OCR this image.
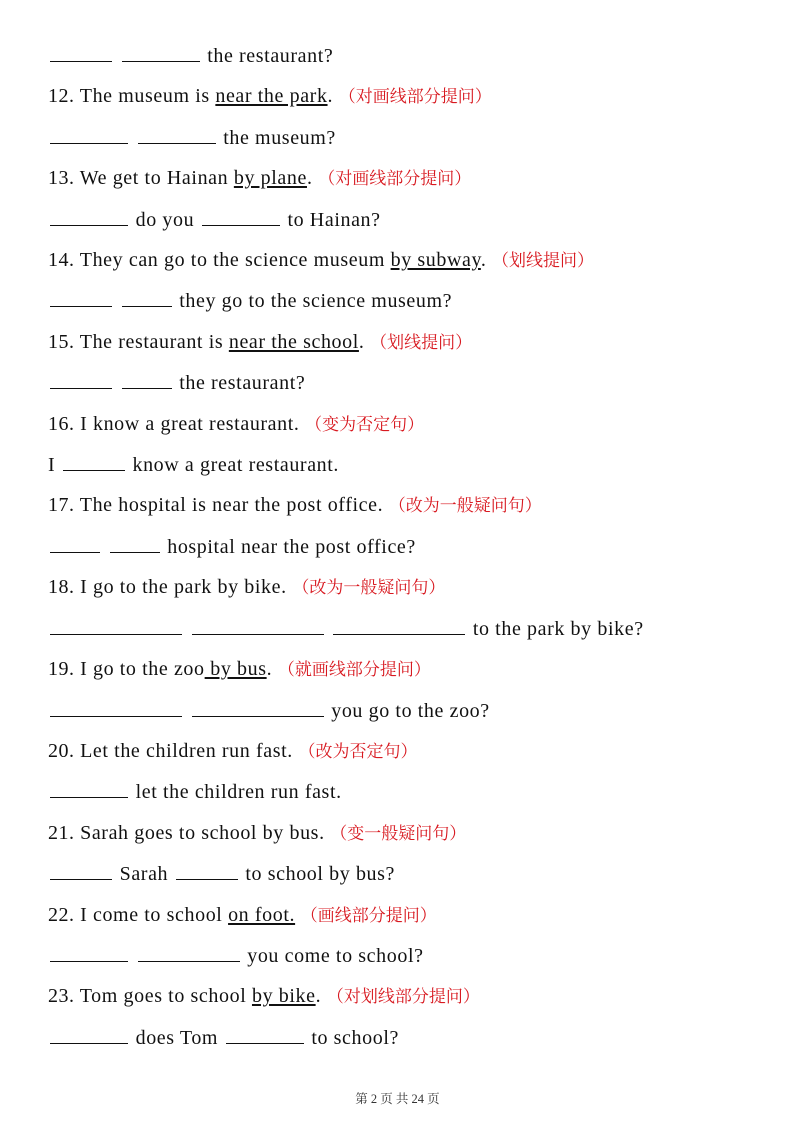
the restaurant?
12. The museum is near the park. （对画线部分提问）
the museum?
13. We get to Hainan by plane. （对画线部分提问）
do you	to Hainan?
14. They can go to the science museum by subway. （划线提问）
they go to the science museum?
15. The restaurant is near the school. （划线提问）
the restaurant?
16. I know a great restaurant. （变为否定句）
I	know a great restaurant.
17. The hospital is near the post office. （改为一般疑问句）
hospital near the post office?
18. I go to the park by bike. （改为一般疑问句）
to the park by bike?
19. I go to the zoo by bus. （就画线部分提问）
you go to the zoo?
20. Let the children run fast. （改为否定句）
let the children run fast.
21. Sarah goes to school by bus. （变一般疑问句）
Sarah	to school by bus?
22. I come to school on foot. （画线部分提问）
you come to school?
23. Tom goes to school by bike. （对划线部分提问）
does Tom	to school?
第 2 页 共 24 页
